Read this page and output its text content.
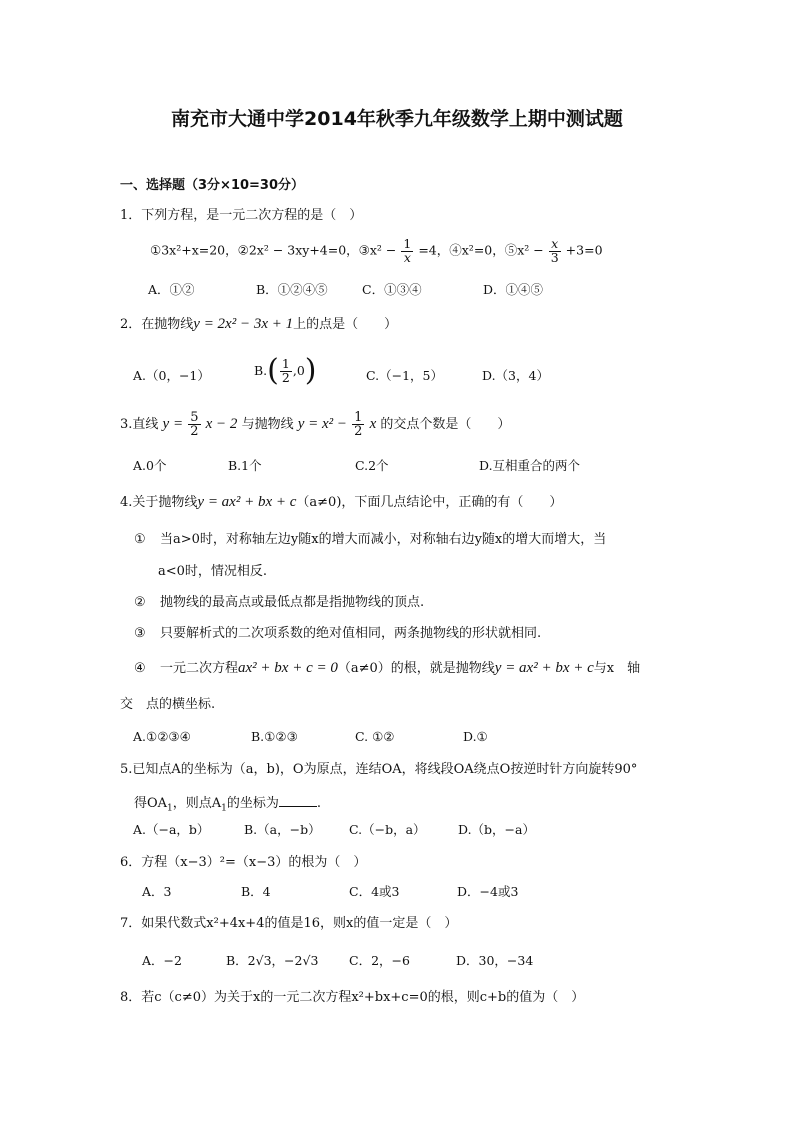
南充市大通中学2014年秋季九年级数学上期中测试题
一、选择题（3分×10=30分）
1．下列方程，是一元二次方程的是（　）
①3x²+x=20，②2x² − 3xy+4=0，③x² − $\frac{1}{x} =4$，④x²=0，⑤x² − $\frac{x}{3} +3=0$
A．①②	B．①②④⑤	C．①③④	D．①④⑤
2．在抛物线y = 2x² − 3x + 1上的点是（　　）
A.（0，−1）	$B.( \frac{1}{2} ,0)$	C.（−1，5）	D.（3，4）
3.直线 $y = \frac{5}{2}$ x − 2 与抛物线 $y = x^2 - \frac{1}{2}$ x 的交点个数是（　　）
A.0个	B.1个	C.2个	D.互相重合的两个
4.关于抛物线y = ax² + bx + c（a≠0)，下面几点结论中，正确的有（　　）
① 当a>0时，对称轴左边y随x的增大而减小，对称轴右边y随x的增大而增大，当
a<0时，情况相反.
② 抛物线的最高点或最低点都是指抛物线的顶点.
③ 只要解析式的二次项系数的绝对值相同，两条抛物线的形状就相同.
④ 一元二次方程ax² + bx + c = 0（a≠0）的根，就是抛物线y = ax² + bx + c与x　轴
交　点的横坐标.
A.①②③④	B.①②③	C. ①②	D.①
5.已知点A的坐标为（a，b)，O为原点，连结OA，将线段OA绕点O按逆时针方向旋转90°
得$OA_1$，则点$A_1$的坐标为	.
A.（−a，b）	B.（a，−b） C.（−b，a）	D.（b，−a）
6．方程（x−3）²=（x−3）的根为（　）
A．3	B．4	C．4或3	D．−4或3
7．如果代数式x²+4x+4的值是16，则x的值一定是（　）
A．−2	B．2√3，−2√3 C．2，−6	D．30，−34
8．若c（c≠0）为关于x的一元二次方程x²+bx+c=0的根，则c+b的值为（　）
